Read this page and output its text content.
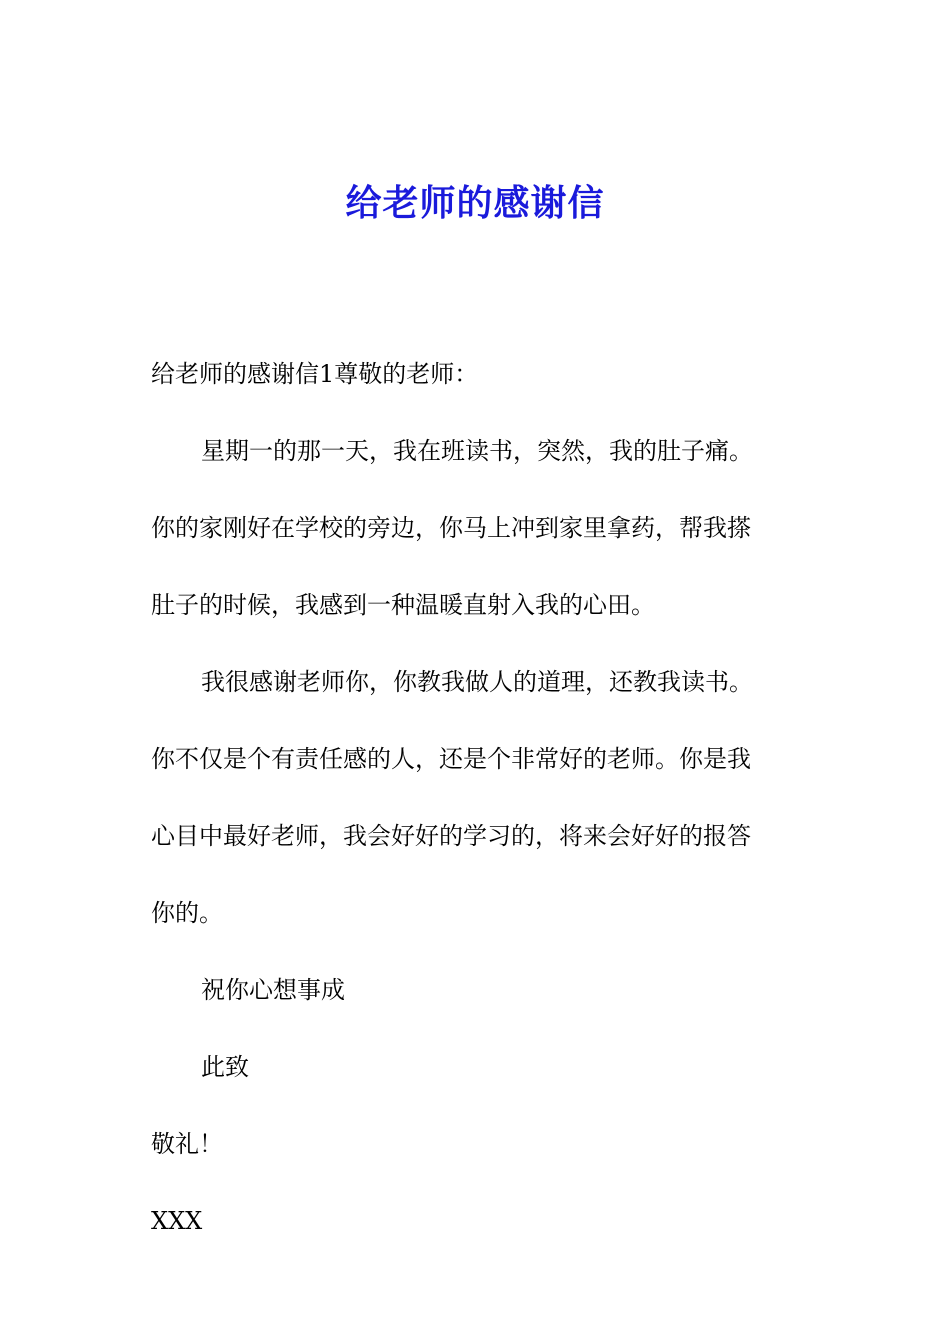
给老师的感谢信
给老师的感谢信1尊敬的老师：
星期一的那一天，我在班读书，突然，我的肚子痛。
你的家刚好在学校的旁边，你马上冲到家里拿药，帮我搽
肚子的时候，我感到一种温暖直射入我的心田。
我很感谢老师你，你教我做人的道理，还教我读书。
你不仅是个有责任感的人，还是个非常好的老师。你是我
心目中最好老师，我会好好的学习的，将来会好好的报答
你的。
祝你心想事成
此致
敬礼！
XXX
